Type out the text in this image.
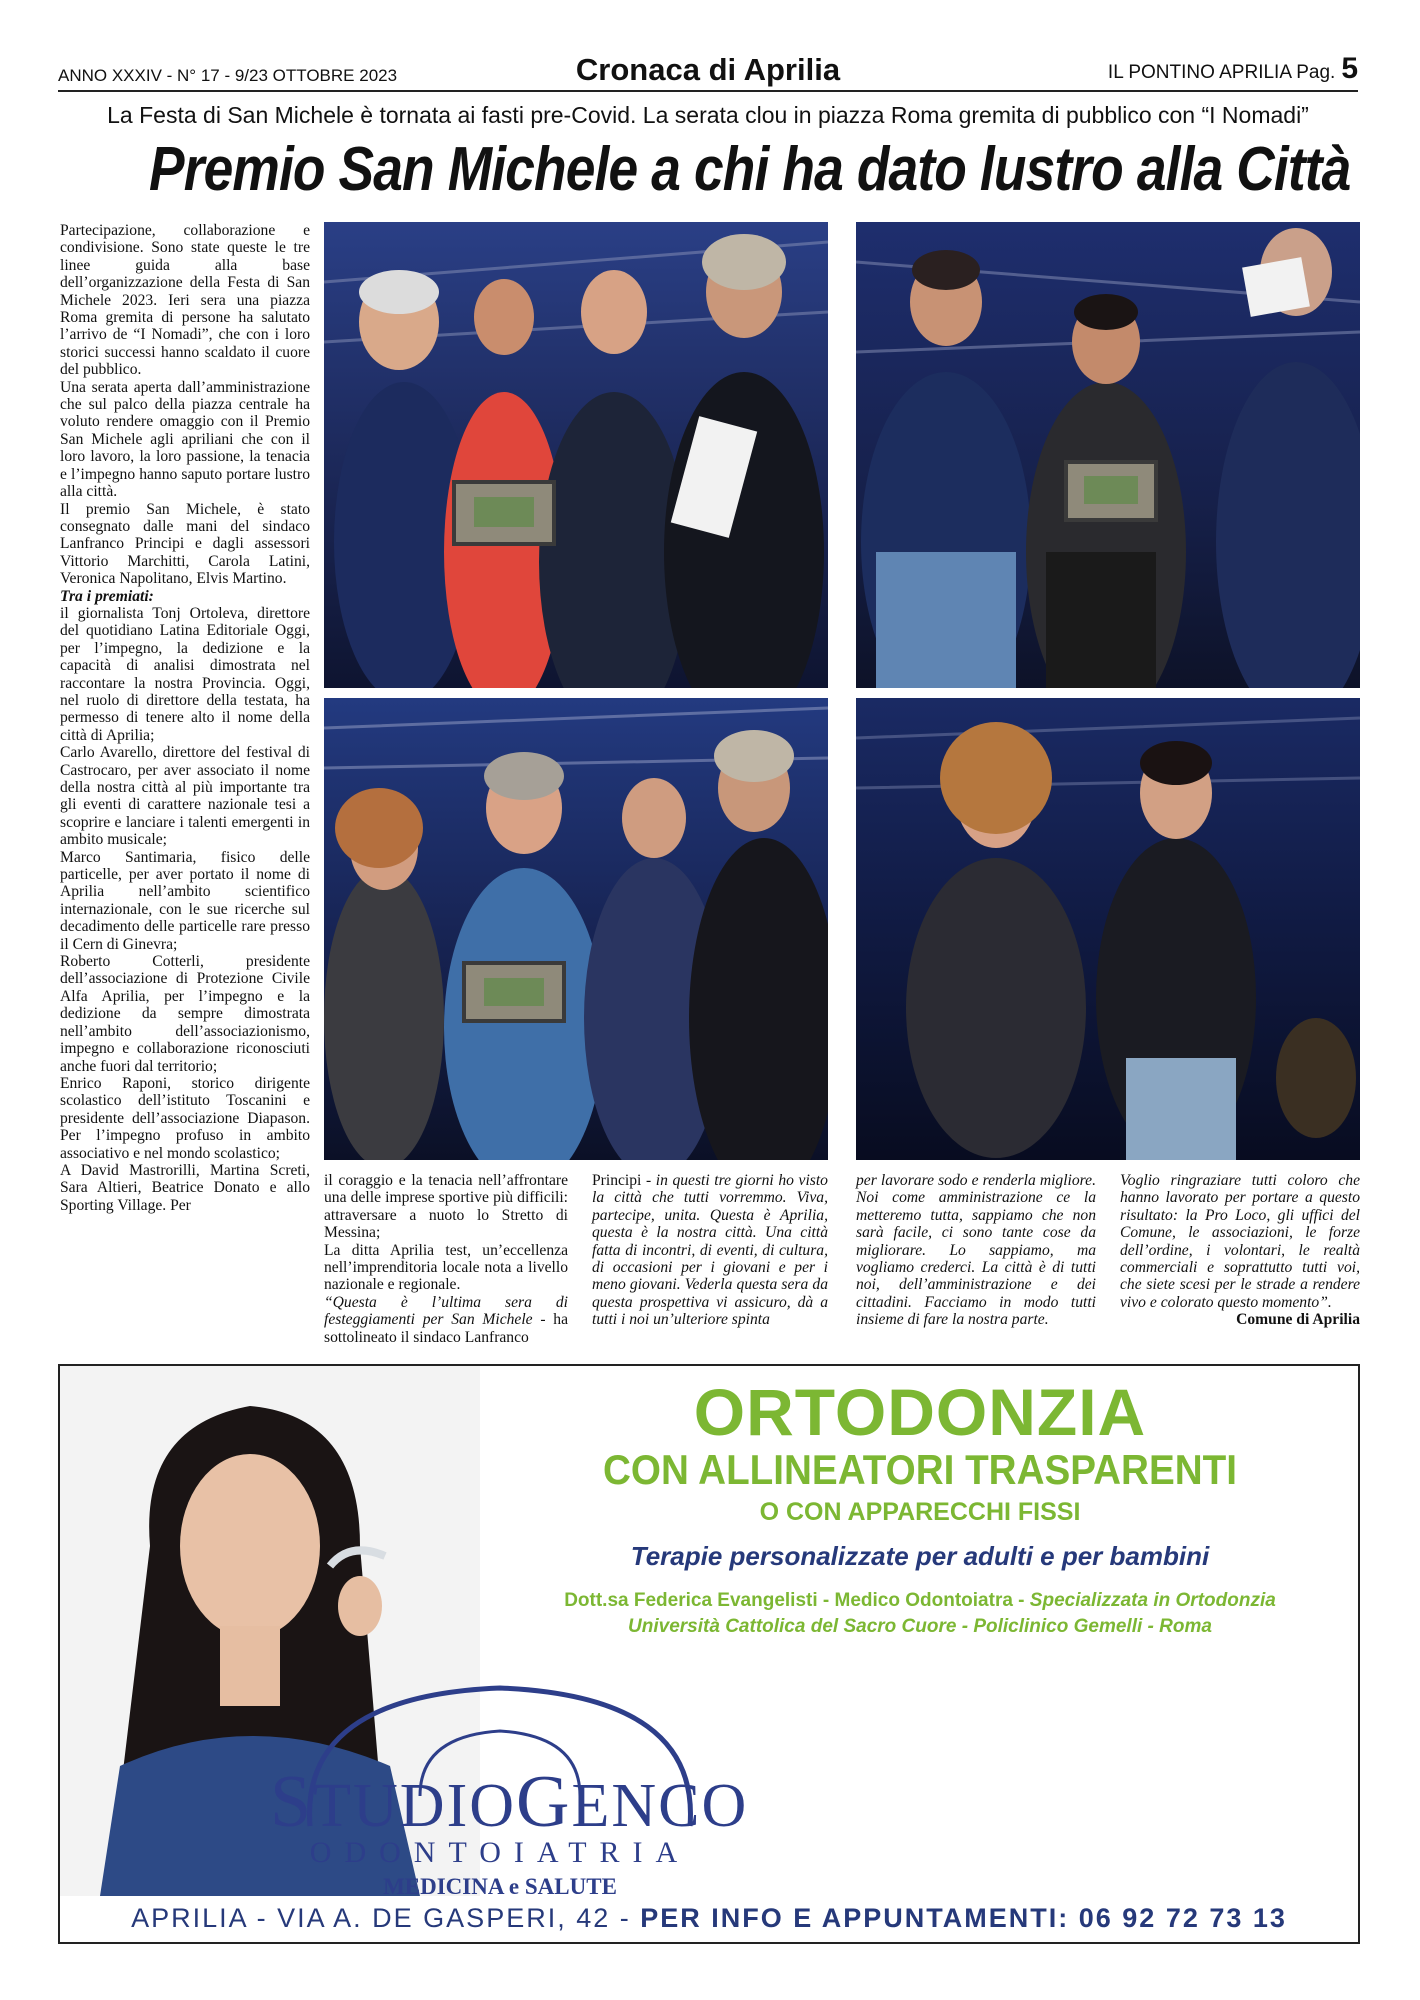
ANNO XXXIV - N° 17 - 9/23 OTTOBRE 2023	Cronaca di Aprilia	IL PONTINO APRILIA Pag. 5
La Festa di San Michele è tornata ai fasti pre-Covid. La serata clou in piazza Roma gremita di pubblico con “I Nomadi”
Premio San Michele a chi ha dato lustro alla Città

Partecipazione, collaborazione e condivisione. Sono state queste le tre linee guida alla base dell’organizzazione della Festa di San Michele 2023. Ieri sera una piazza Roma gremita di persone ha salutato l’arrivo de “I Nomadi”, che con i loro storici successi hanno scaldato il cuore del pubblico.

Una serata aperta dall’amministrazione che sul palco della piazza centrale ha voluto rendere omaggio con il Premio San Michele agli apriliani che con il loro lavoro, la loro passione, la tenacia e l’impegno hanno saputo portare lustro alla città.

Il premio San Michele, è stato consegnato dalle mani del sindaco Lanfranco Principi e dagli assessori Vittorio Marchitti, Carola Latini, Veronica Napolitano, Elvis Martino.

Tra i premiati:

il giornalista Tonj Ortoleva, direttore del quotidiano Latina Editoriale Oggi, per l’impegno, la dedizione e la capacità di analisi dimostrata nel raccontare la nostra Provincia. Oggi, nel ruolo di direttore della testata, ha permesso di tenere alto il nome della città di Aprilia;

Carlo Avarello, direttore del festival di Castrocaro, per aver associato il nome della nostra città al più importante tra gli eventi di carattere nazionale tesi a scoprire e lanciare i talenti emergenti in ambito musicale;

Marco Santimaria, fisico delle particelle, per aver portato il nome di Aprilia nell’ambito scientifico internazionale, con le sue ricerche sul decadimento delle particelle rare presso il Cern di Ginevra;

Roberto Cotterli, presidente dell’associazione di Protezione Civile Alfa Aprilia, per l’impegno e la dedizione da sempre dimostrata nell’ambito dell’associazionismo, impegno e collaborazione riconosciuti anche fuori dal territorio;

Enrico Raponi, storico dirigente scolastico dell’istituto Toscanini e presidente dell’associazione Diapason. Per l’impegno profuso in ambito associativo e nel mondo scolastico;

A David Mastrorilli, Martina Screti, Sara Altieri, Beatrice Donato e allo Sporting Village. Per

il coraggio e la tenacia nell’affrontare una delle imprese sportive più difficili: attraversare a nuoto lo Stretto di Messina;

La ditta Aprilia test, un’eccellenza nell’imprenditoria locale nota a livello nazionale e regionale.

“Questa è l’ultima sera di festeggiamenti per San Michele - ha sottolineato il sindaco Lanfranco

Principi - in questi tre giorni ho visto la città che tutti vorremmo. Viva, partecipe, unita. Questa è Aprilia, questa è la nostra città. Una città fatta di incontri, di eventi, di cultura, di occasioni per i giovani e per i meno giovani. Vederla questa sera da questa prospettiva vi assicuro, dà a tutti i noi un’ulteriore spinta

per lavorare sodo e renderla migliore. Noi come amministrazione ce la metteremo tutta, sappiamo che non sarà facile, ci sono tante cose da migliorare. Lo sappiamo, ma vogliamo crederci. La città è di tutti noi, dell’amministrazione e dei cittadini. Facciamo in modo tutti insieme di fare la nostra parte.

Voglio ringraziare tutti coloro che hanno lavorato per portare a questo risultato: la Pro Loco, gli uffici del Comune, le associazioni, le forze dell’ordine, i volontari, le realtà commerciali e soprattutto tutti voi, che siete scesi per le strade a rendere vivo e colorato questo momento”.

Comune di Aprilia
ORTODONZIA
CON ALLINEATORI TRASPARENTI
O CON APPARECCHI FISSI
Terapie personalizzate per adulti e per bambini
Dott.sa Federica Evangelisti - Medico Odontoiatra - Specializzata in Ortodonzia
Università Cattolica del Sacro Cuore - Policlinico Gemelli - Roma
STUDIOGENCO
ODONTOIATRIA
MEDICINA e SALUTE
APRILIA - VIA A. DE GASPERI, 42 - PER INFO E APPUNTAMENTI: 06 92 72 73 13
